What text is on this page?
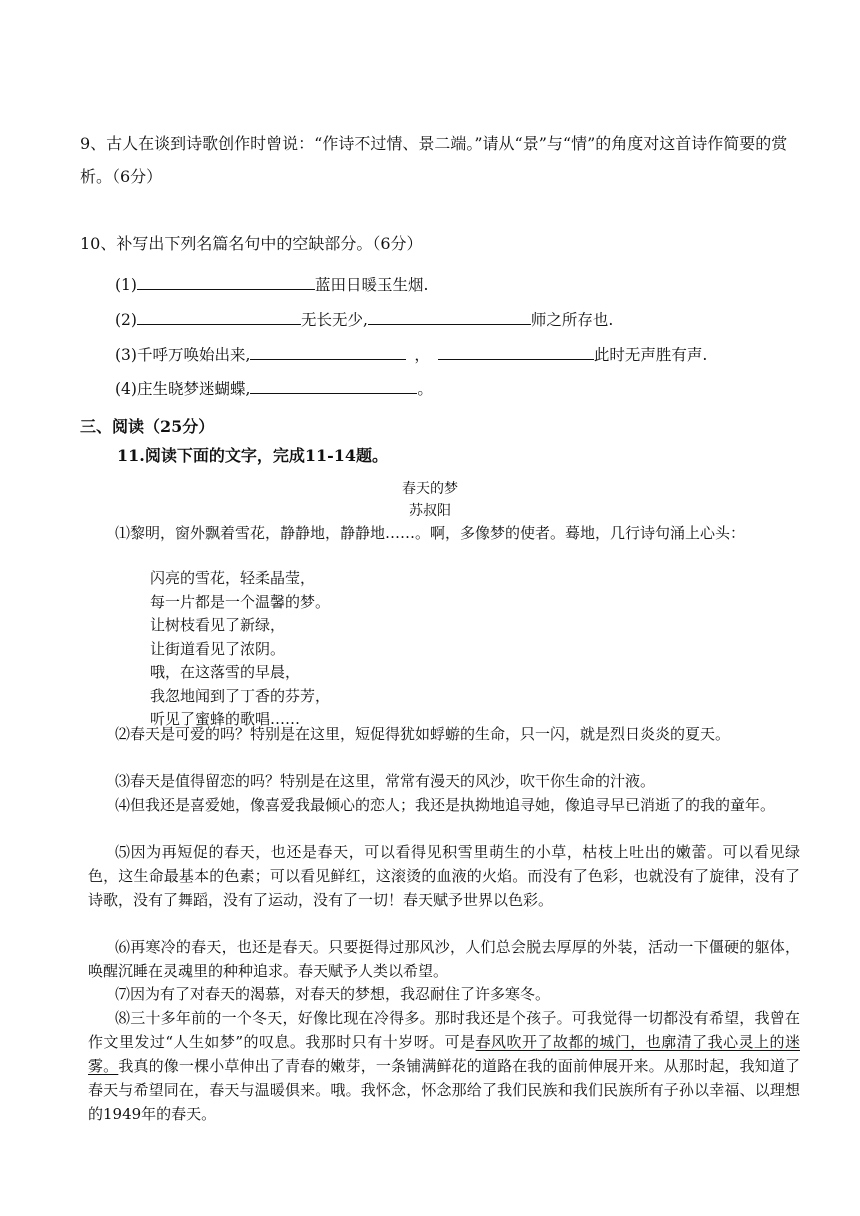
9、古人在谈到诗歌创作时曾说：“作诗不过情、景二端。”请从“景”与“情”的角度对这首诗作简要的赏析。（6分）
10、补写出下列名篇名句中的空缺部分。（6分）
(1)	蓝田日暖玉生烟.
(2)	无长无少,	师之所存也.
(3)千呼万唤始出来,	，	此时无声胜有声.
(4)庄生晓梦迷蝴蝶,	。
三、阅读（25分）
11.阅读下面的文字，完成11-14题。
春天的梦
苏叔阳
⑴黎明，窗外飘着雪花，静静地，静静地……。啊，多像梦的使者。蓦地，几行诗句涌上心头：
闪亮的雪花，轻柔晶莹，
每一片都是一个温馨的梦。
让树枝看见了新绿，
让街道看见了浓阴。
哦，在这落雪的早晨，
我忽地闻到了丁香的芬芳，
听见了蜜蜂的歌唱……
⑵春天是可爱的吗？特别是在这里，短促得犹如蜉蝣的生命，只一闪，就是烈日炎炎的夏天。
⑶春天是值得留恋的吗？特别是在这里，常常有漫天的风沙，吹干你生命的汁液。
⑷但我还是喜爱她，像喜爱我最倾心的恋人；我还是执拗地追寻她，像追寻早已消逝了的我的童年。
⑸因为再短促的春天，也还是春天，可以看得见积雪里萌生的小草，枯枝上吐出的嫩蕾。可以看见绿色，这生命最基本的色素；可以看见鲜红，这滚烫的血液的火焰。而没有了色彩，也就没有了旋律，没有了诗歌，没有了舞蹈，没有了运动，没有了一切！春天赋予世界以色彩。
⑹再寒冷的春天，也还是春天。只要挺得过那风沙，人们总会脱去厚厚的外装，活动一下僵硬的躯体，唤醒沉睡在灵魂里的种种追求。春天赋予人类以希望。
⑺因为有了对春天的渴慕，对春天的梦想，我忍耐住了许多寒冬。
⑻三十多年前的一个冬天，好像比现在冷得多。那时我还是个孩子。可我觉得一切都没有希望，我曾在作文里发过“人生如梦”的叹息。我那时只有十岁呀。可是春风吹开了故都的城门，也廓清了我心灵上的迷雾。我真的像一棵小草伸出了青春的嫩芽，一条铺满鲜花的道路在我的面前伸展开来。从那时起，我知道了春天与希望同在，春天与温暖俱来。哦。我怀念，怀念那给了我们民族和我们民族所有子孙以幸福、以理想的1949年的春天。
